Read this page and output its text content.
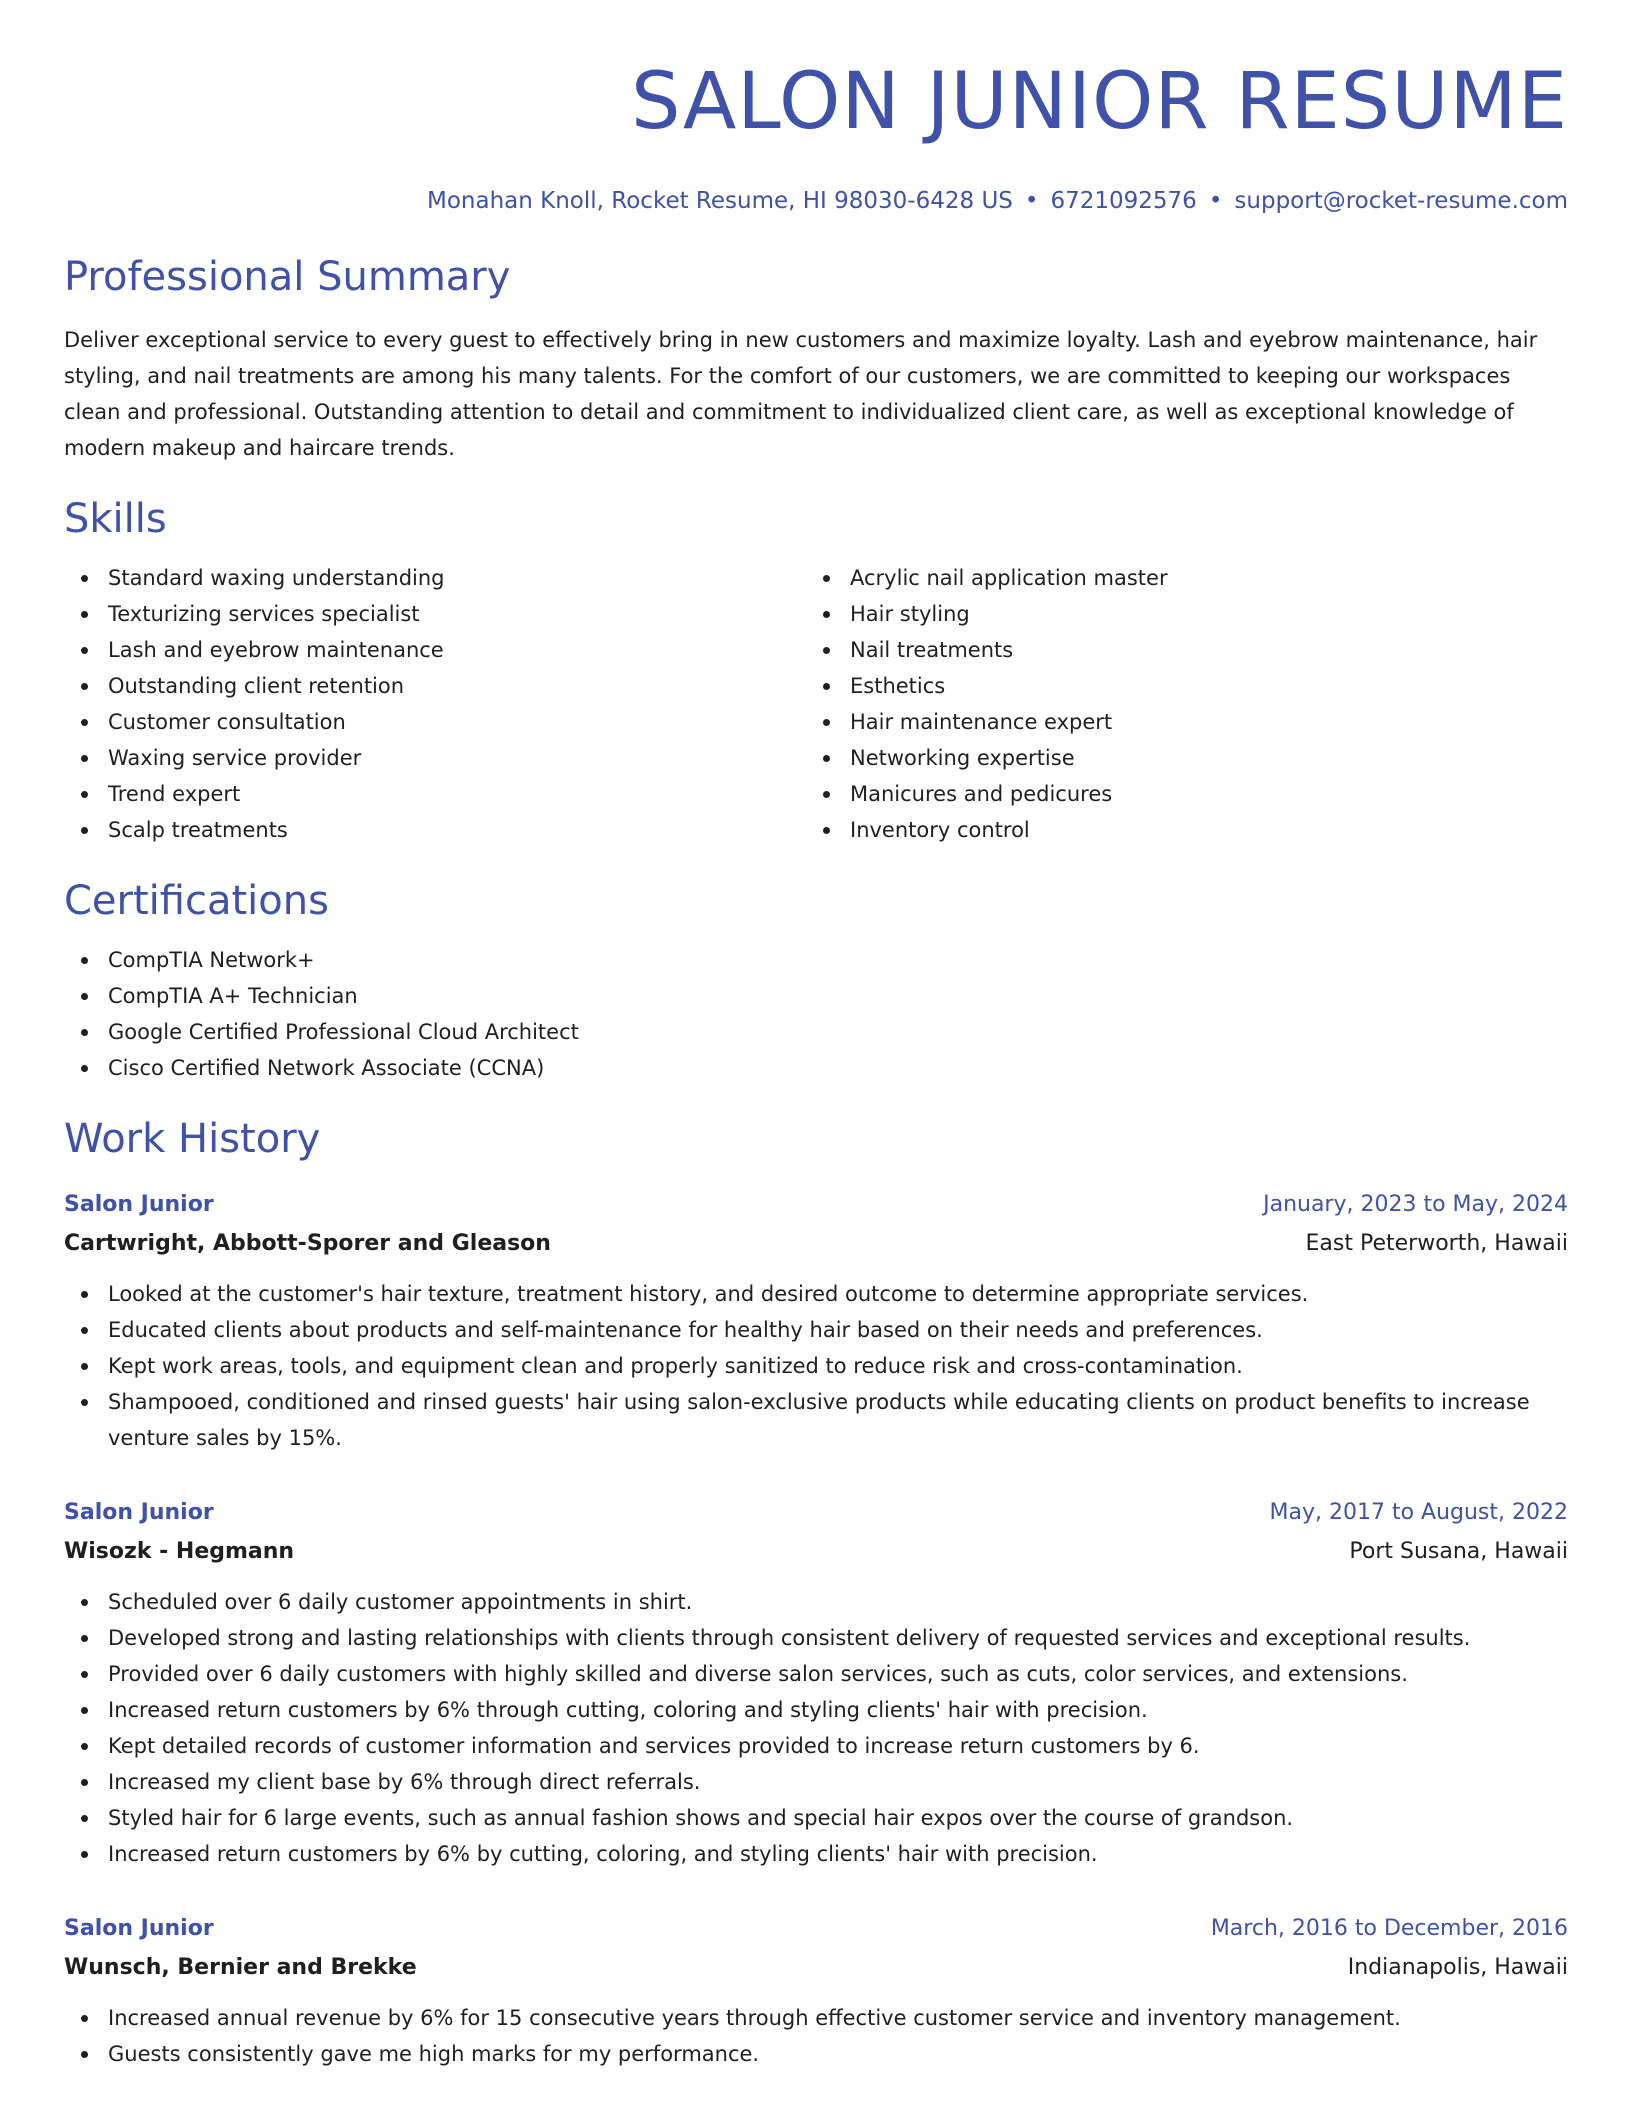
SALON JUNIOR RESUME
Monahan Knoll, Rocket Resume, HI 98030-6428 US • 6721092576 • support@rocket-resume.com
Professional Summary

Deliver exceptional service to every guest to effectively bring in new customers and maximize loyalty. Lash and eyebrow maintenance, hair styling, and nail treatments are among his many talents. For the comfort of our customers, we are committed to keeping our workspaces clean and professional. Outstanding attention to detail and commitment to individualized client care, as well as exceptional knowledge of modern makeup and haircare trends.

Skills
Standard waxing understanding
Texturizing services specialist
Lash and eyebrow maintenance
Outstanding client retention
Customer consultation
Waxing service provider
Trend expert
Scalp treatments
Acrylic nail application master
Hair styling
Nail treatments
Esthetics
Hair maintenance expert
Networking expertise
Manicures and pedicures
Inventory control
Certifications
CompTIA Network+
CompTIA A+ Technician
Google Certified Professional Cloud Architect
Cisco Certified Network Associate (CCNA)
Work History
Salon Junior	January, 2023 to May, 2024
Cartwright, Abbott-Sporer and Gleason	East Peterworth, Hawaii
Looked at the customer's hair texture, treatment history, and desired outcome to determine appropriate services.
Educated clients about products and self-maintenance for healthy hair based on their needs and preferences.
Kept work areas, tools, and equipment clean and properly sanitized to reduce risk and cross-contamination.
Shampooed, conditioned and rinsed guests' hair using salon-exclusive products while educating clients on product benefits to increase venture sales by 15%.
Salon Junior	May, 2017 to August, 2022
Wisozk - Hegmann	Port Susana, Hawaii
Scheduled over 6 daily customer appointments in shirt.
Developed strong and lasting relationships with clients through consistent delivery of requested services and exceptional results.
Provided over 6 daily customers with highly skilled and diverse salon services, such as cuts, color services, and extensions.
Increased return customers by 6% through cutting, coloring and styling clients' hair with precision.
Kept detailed records of customer information and services provided to increase return customers by 6.
Increased my client base by 6% through direct referrals.
Styled hair for 6 large events, such as annual fashion shows and special hair expos over the course of grandson.
Increased return customers by 6% by cutting, coloring, and styling clients' hair with precision.
Salon Junior	March, 2016 to December, 2016
Wunsch, Bernier and Brekke	Indianapolis, Hawaii
Increased annual revenue by 6% for 15 consecutive years through effective customer service and inventory management.
Guests consistently gave me high marks for my performance.
